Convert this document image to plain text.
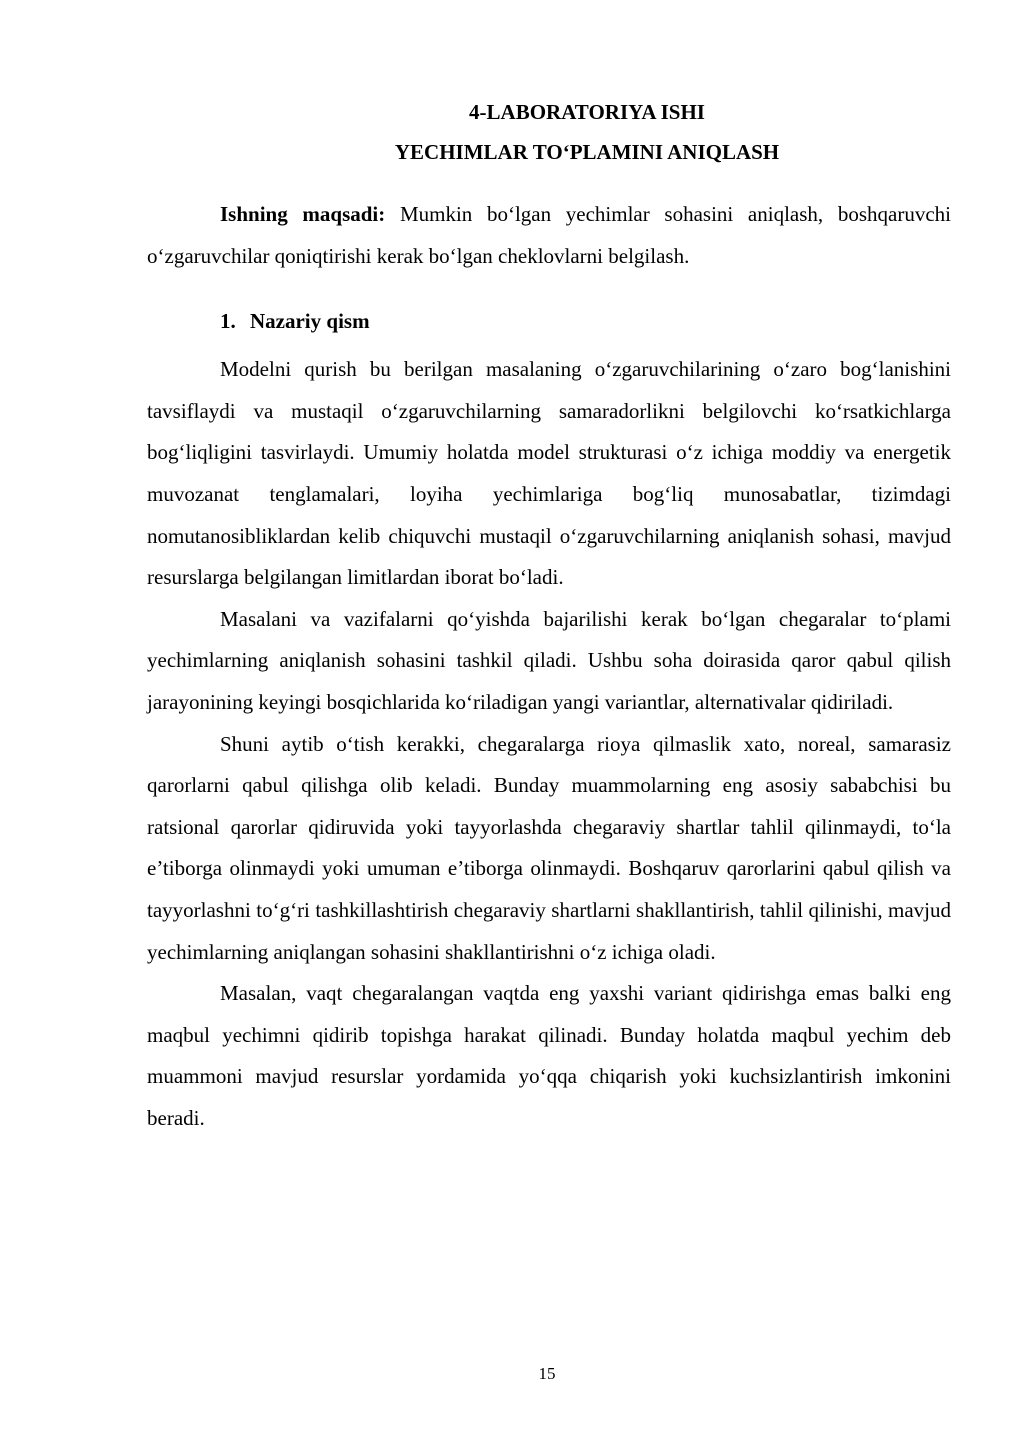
4-LABORATORIYA ISHI

YECHIMLAR TO‘PLAMINI ANIQLASH

Ishning maqsadi: Mumkin bo‘lgan yechimlar sohasini aniqlash, boshqaruvchi o‘zgaruvchilar qoniqtirishi kerak bo‘lgan cheklovlarni belgilash.

1. Nazariy qism

Modelni qurish bu berilgan masalaning o‘zgaruvchilarining o‘zaro bog‘lanishini tavsiflaydi va mustaqil o‘zgaruvchilarning samaradorlikni belgilovchi ko‘rsatkichlarga bog‘liqligini tasvirlaydi. Umumiy holatda model strukturasi o‘z ichiga moddiy va energetik muvozanat tenglamalari, loyiha yechimlariga bog‘liq munosabatlar, tizimdagi nomutanosibliklardan kelib chiquvchi mustaqil o‘zgaruvchilarning aniqlanish sohasi, mavjud resurslarga belgilangan limitlardan iborat bo‘ladi.

Masalani va vazifalarni qo‘yishda bajarilishi kerak bo‘lgan chegaralar to‘plami yechimlarning aniqlanish sohasini tashkil qiladi. Ushbu soha doirasida qaror qabul qilish jarayonining keyingi bosqichlarida ko‘riladigan yangi variantlar, alternativalar qidiriladi.

Shuni aytib o‘tish kerakki, chegaralarga rioya qilmaslik xato, noreal, samarasiz qarorlarni qabul qilishga olib keladi. Bunday muammolarning eng asosiy sababchisi bu ratsional qarorlar qidiruvida yoki tayyorlashda chegaraviy shartlar tahlil qilinmaydi, to‘la e’tiborga olinmaydi yoki umuman e’tiborga olinmaydi. Boshqaruv qarorlarini qabul qilish va tayyorlashni to‘g‘ri tashkillashtirish chegaraviy shartlarni shakllantirish, tahlil qilinishi, mavjud yechimlarning aniqlangan sohasini shakllantirishni o‘z ichiga oladi.

Masalan, vaqt chegaralangan vaqtda eng yaxshi variant qidirishga emas balki eng maqbul yechimni qidirib topishga harakat qilinadi. Bunday holatda maqbul yechim deb muammoni mavjud resurslar yordamida yo‘qqa chiqarish yoki kuchsizlantirish imkonini beradi.

15
